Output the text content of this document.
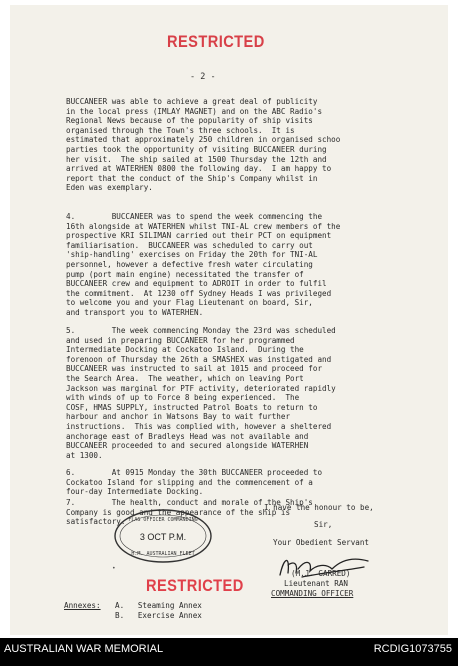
RESTRICTED
- 2 -
BUCCANEER was able to achieve a great deal of publicity
in the local press (IMLAY MAGNET) and on the ABC Radio's
Regional News because of the popularity of ship visits
organised through the Town's three schools.  It is
estimated that approximately 250 children in organised schoo
parties took the opportunity of visiting BUCCANEER during
her visit.  The ship sailed at 1500 Thursday the 12th and
arrived at WATERHEN 0800 the following day.  I am happy to
report that the conduct of the Ship's Company whilst in
Eden was exemplary.
4.        BUCCANEER was to spend the week commencing the
16th alongside at WATERHEN whilst TNI-AL crew members of the
prospective KRI SILIMAN carried out their PCT on equipment
familiarisation.  BUCCANEER was scheduled to carry out
'ship-handling' exercises on Friday the 20th for TNI-AL
personnel, however a defective fresh water circulating
pump (port main engine) necessitated the transfer of
BUCCANEER crew and equipment to ADROIT in order to fulfil
the commitment.  At 1230 off Sydney Heads I was privileged
to welcome you and your Flag Lieutenant on board, Sir,
and transport you to WATERHEN.
5.        The week commencing Monday the 23rd was scheduled
and used in preparing BUCCANEER for her programmed
Intermediate Docking at Cockatoo Island.  During the
forenoon of Thursday the 26th a SMASHEX was instigated and
BUCCANEER was instructed to sail at 1015 and proceed for
the Search Area.  The weather, which on leaving Port
Jackson was marginal for PTF activity, deteriorated rapidly
with winds of up to Force 8 being experienced.  The
COSF, HMAS SUPPLY, instructed Patrol Boats to return to
harbour and anchor in Watsons Bay to wait further
instructions.  This was complied with, however a sheltered
anchorage east of Bradleys Head was not available and
BUCCANEER proceeded to and secured alongside WATERHEN
at 1300.
6.        At 0915 Monday the 30th BUCCANEER proceeded to
Cockatoo Island for slipping and the commencement of a
four-day Intermediate Docking.
7.        The health, conduct and morale of the Ship's
Company is good and the appearance of the ship is
satisfactory.
I have the honour to be,
Sir,
Your Obedient Servant
FLAG OFFICER COMMANDING
3 OCT P.M.
H.M. AUSTRALIAN FLEET
•
(M.J. GARRED)
Lieutenant RAN
COMMANDING OFFICER
RESTRICTED
Annexes: A.   Steaming Annex
B.   Exercise Annex
AUSTRALIAN WAR MEMORIAL	RCDIG1073755
